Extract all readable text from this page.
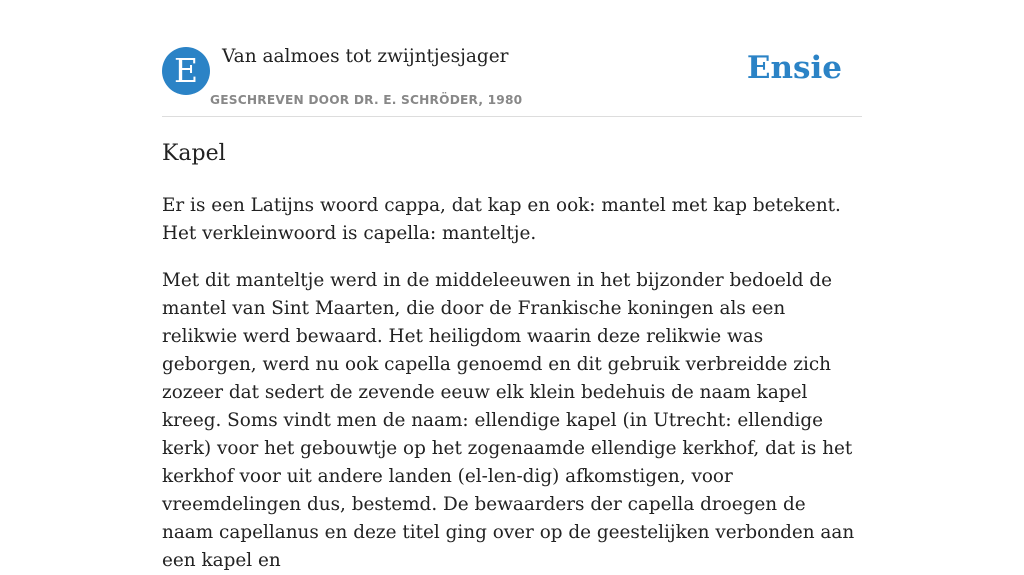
E	Van aalmoes tot zwijntjesjager
GESCHREVEN DOOR DR. E. SCHRÖDER, 1980
Ensie
Kapel

Er is een Latijns woord cappa, dat kap en ook: mantel met kap betekent. Het verkleinwoord is capella: manteltje.

Met dit manteltje werd in de middeleeuwen in het bijzonder bedoeld de mantel van Sint Maarten, die door de Frankische koningen als een relikwie werd bewaard. Het heiligdom waarin deze relikwie was geborgen, werd nu ook capella genoemd en dit gebruik verbreidde zich zozeer dat sedert de zevende eeuw elk klein bedehuis de naam kapel kreeg. Soms vindt men de naam: ellendige kapel (in Utrecht: ellendige kerk) voor het gebouwtje op het zogenaamde ellendige kerkhof, dat is het kerkhof voor uit andere landen (el-len-dig) afkomstigen, voor vreemdelingen dus, bestemd. De bewaarders der capella droegen de naam capellanus en deze titel ging over op de geestelijken verbonden aan een kapel en
